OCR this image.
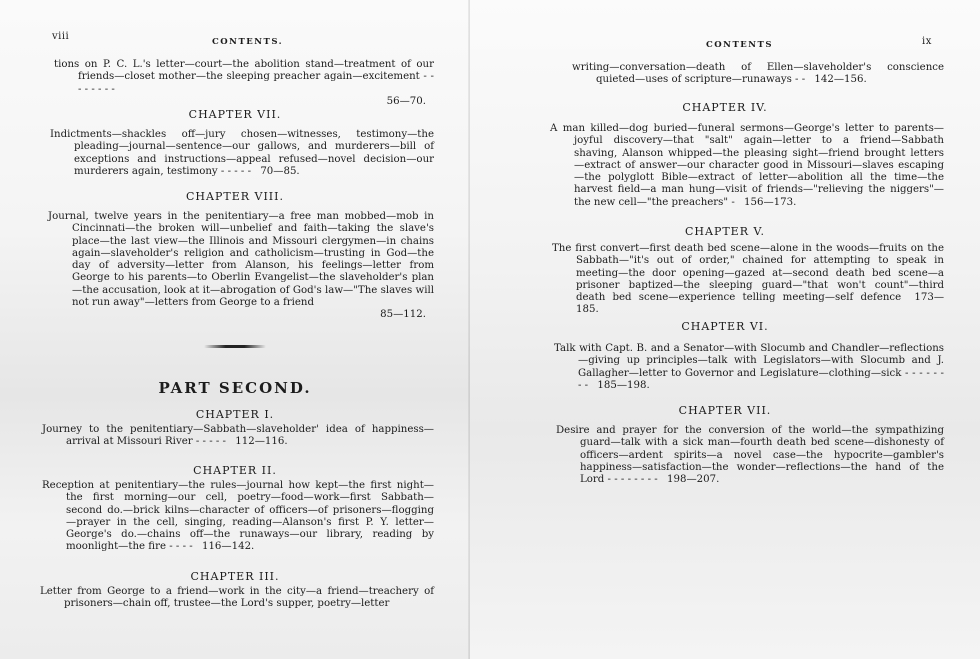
viii	CONTENTS.
tions on P. C. L.'s letter—court—the abolition stand—treatment of our friends—closet mother—the sleeping preacher again—excitement - - - - - - - -
56—70.
CHAPTER VII.
Indictments—shackles off—jury chosen—witnesses, testimony—the pleading—journal—sentence—our gallows, and murderers—bill of exceptions and instructions—appeal refused—novel decision—our murderers again, testimony - - - - - 70—85.
CHAPTER VIII.
Journal, twelve years in the penitentiary—a free man mobbed—mob in Cincinnati—the broken will—unbelief and faith—taking the slave's place—the last view—the Illinois and Missouri clergymen—in chains again—slaveholder's religion and catholicism—trusting in God—the day of adversity—letter from Alanson, his feelings—letter from George to his parents—to Oberlin Evangelist—the slaveholder's plan—the accusation, look at it—abrogation of God's law—"The slaves will not run away"—letters from George to a friend
85—112.
PART SECOND.
CHAPTER I.
Journey to the penitentiary—Sabbath—slaveholder' idea of happiness—arrival at Missouri River - - - - - 112—116.
CHAPTER II.
Reception at penitentiary—the rules—journal how kept—the first night—the first morning—our cell, poetry—food—work—first Sabbath—second do.—brick kilns—character of officers—of prisoners—flogging—prayer in the cell, singing, reading—Alanson's first P. Y. letter—George's do.—chains off—the runaways—our library, reading by moonlight—the fire - - - - 116—142.
CHAPTER III.
Letter from George to a friend—work in the city—a friend—treachery of prisoners—chain off, trustee—the Lord's supper, poetry—letter
CONTENTS	ix
writing—conversation—death of Ellen—slaveholder's conscience quieted—uses of scripture—runaways - - 142—156.
CHAPTER IV.
A man killed—dog buried—funeral sermons—George's letter to parents—joyful discovery—that "salt" again—letter to a friend—Sabbath shaving, Alanson whipped—the pleasing sight—friend brought letters—extract of answer—our character good in Missouri—slaves escaping—the polyglott Bible—extract of letter—abolition all the time—the harvest field—a man hung—visit of friends—"relieving the niggers"—the new cell—"the preachers" - 156—173.
CHAPTER V.
The first convert—first death bed scene—alone in the woods—fruits on the Sabbath—"it's out of order," chained for attempting to speak in meeting—the door opening—gazed at—second death bed scene—a prisoner baptized—the sleeping guard—"that won't count"—third death bed scene—experience telling meeting—self defence 173—185.
CHAPTER VI.
Talk with Capt. B. and a Senator—with Slocumb and Chandler—reflections—giving up principles—talk with Legislators—with Slocumb and J. Gallagher—letter to Governor and Legislature—clothing—sick - - - - - - - - 185—198.
CHAPTER VII.
Desire and prayer for the conversion of the world—the sympathizing guard—talk with a sick man—fourth death bed scene—dishonesty of officers—ardent spirits—a novel case—the hypocrite—gambler's happiness—satisfaction—the wonder—reflections—the hand of the Lord - - - - - - - - 198—207.
